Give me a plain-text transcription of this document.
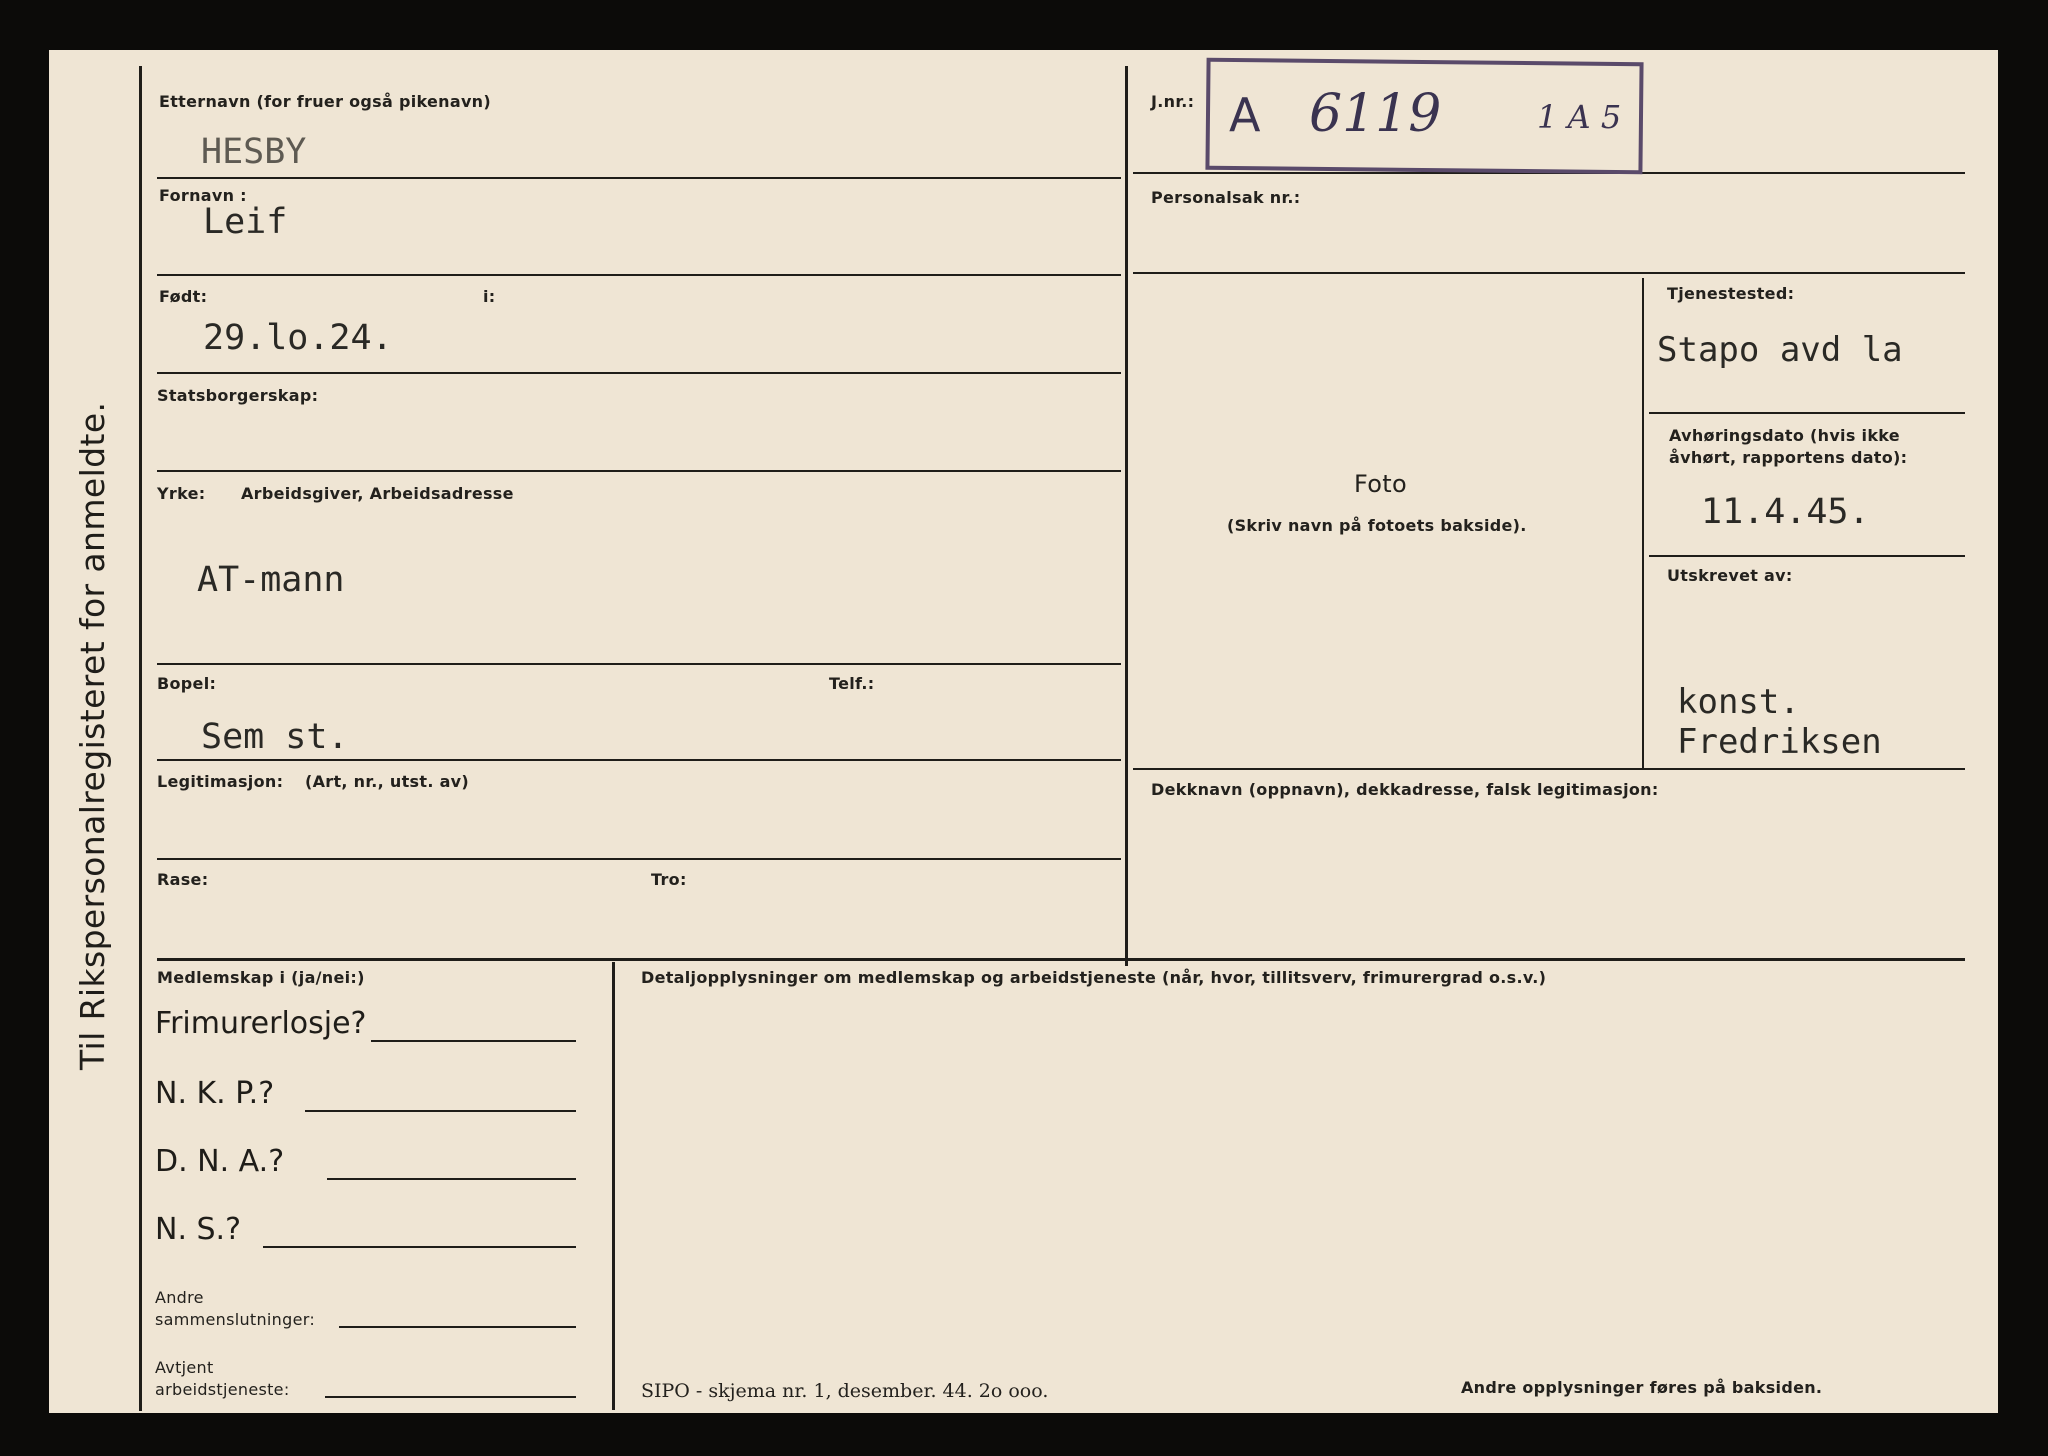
Til Rikspersonalregisteret for anmeldte.
Etternavn (for fruer også pikenavn)
HESBY
Fornavn :
Leif
Født:	i:
29.lo.24.
Statsborgerskap:
Yrke: Arbeidsgiver, Arbeidsadresse
AT-mann
Bopel:	Telf.:
Sem st.
Legitimasjon: (Art, nr., utst. av)
Rase:	Tro:
J.nr.: A 6119	1 A 5
Personalsak nr.:
Foto
(Skriv navn på fotoets bakside).
Tjenestested:
Stapo avd la
Avhøringsdato (hvis ikke
åvhørt, rapportens dato):
11.4.45.
Utskrevet av:
konst.
Fredriksen
Dekknavn (oppnavn), dekkadresse, falsk legitimasjon:
Medlemskap i (ja/nei:)
Frimurerlosje?
N. K. P.?
D. N. A.?
N. S.?
Andre
sammenslutninger:
Avtjent
arbeidstjeneste:
Detaljopplysninger om medlemskap og arbeidstjeneste (når, hvor, tillitsverv, frimurergrad o.s.v.)
SIPO - skjema nr. 1, desember. 44. 2o ooo.	Andre opplysninger føres på baksiden.
